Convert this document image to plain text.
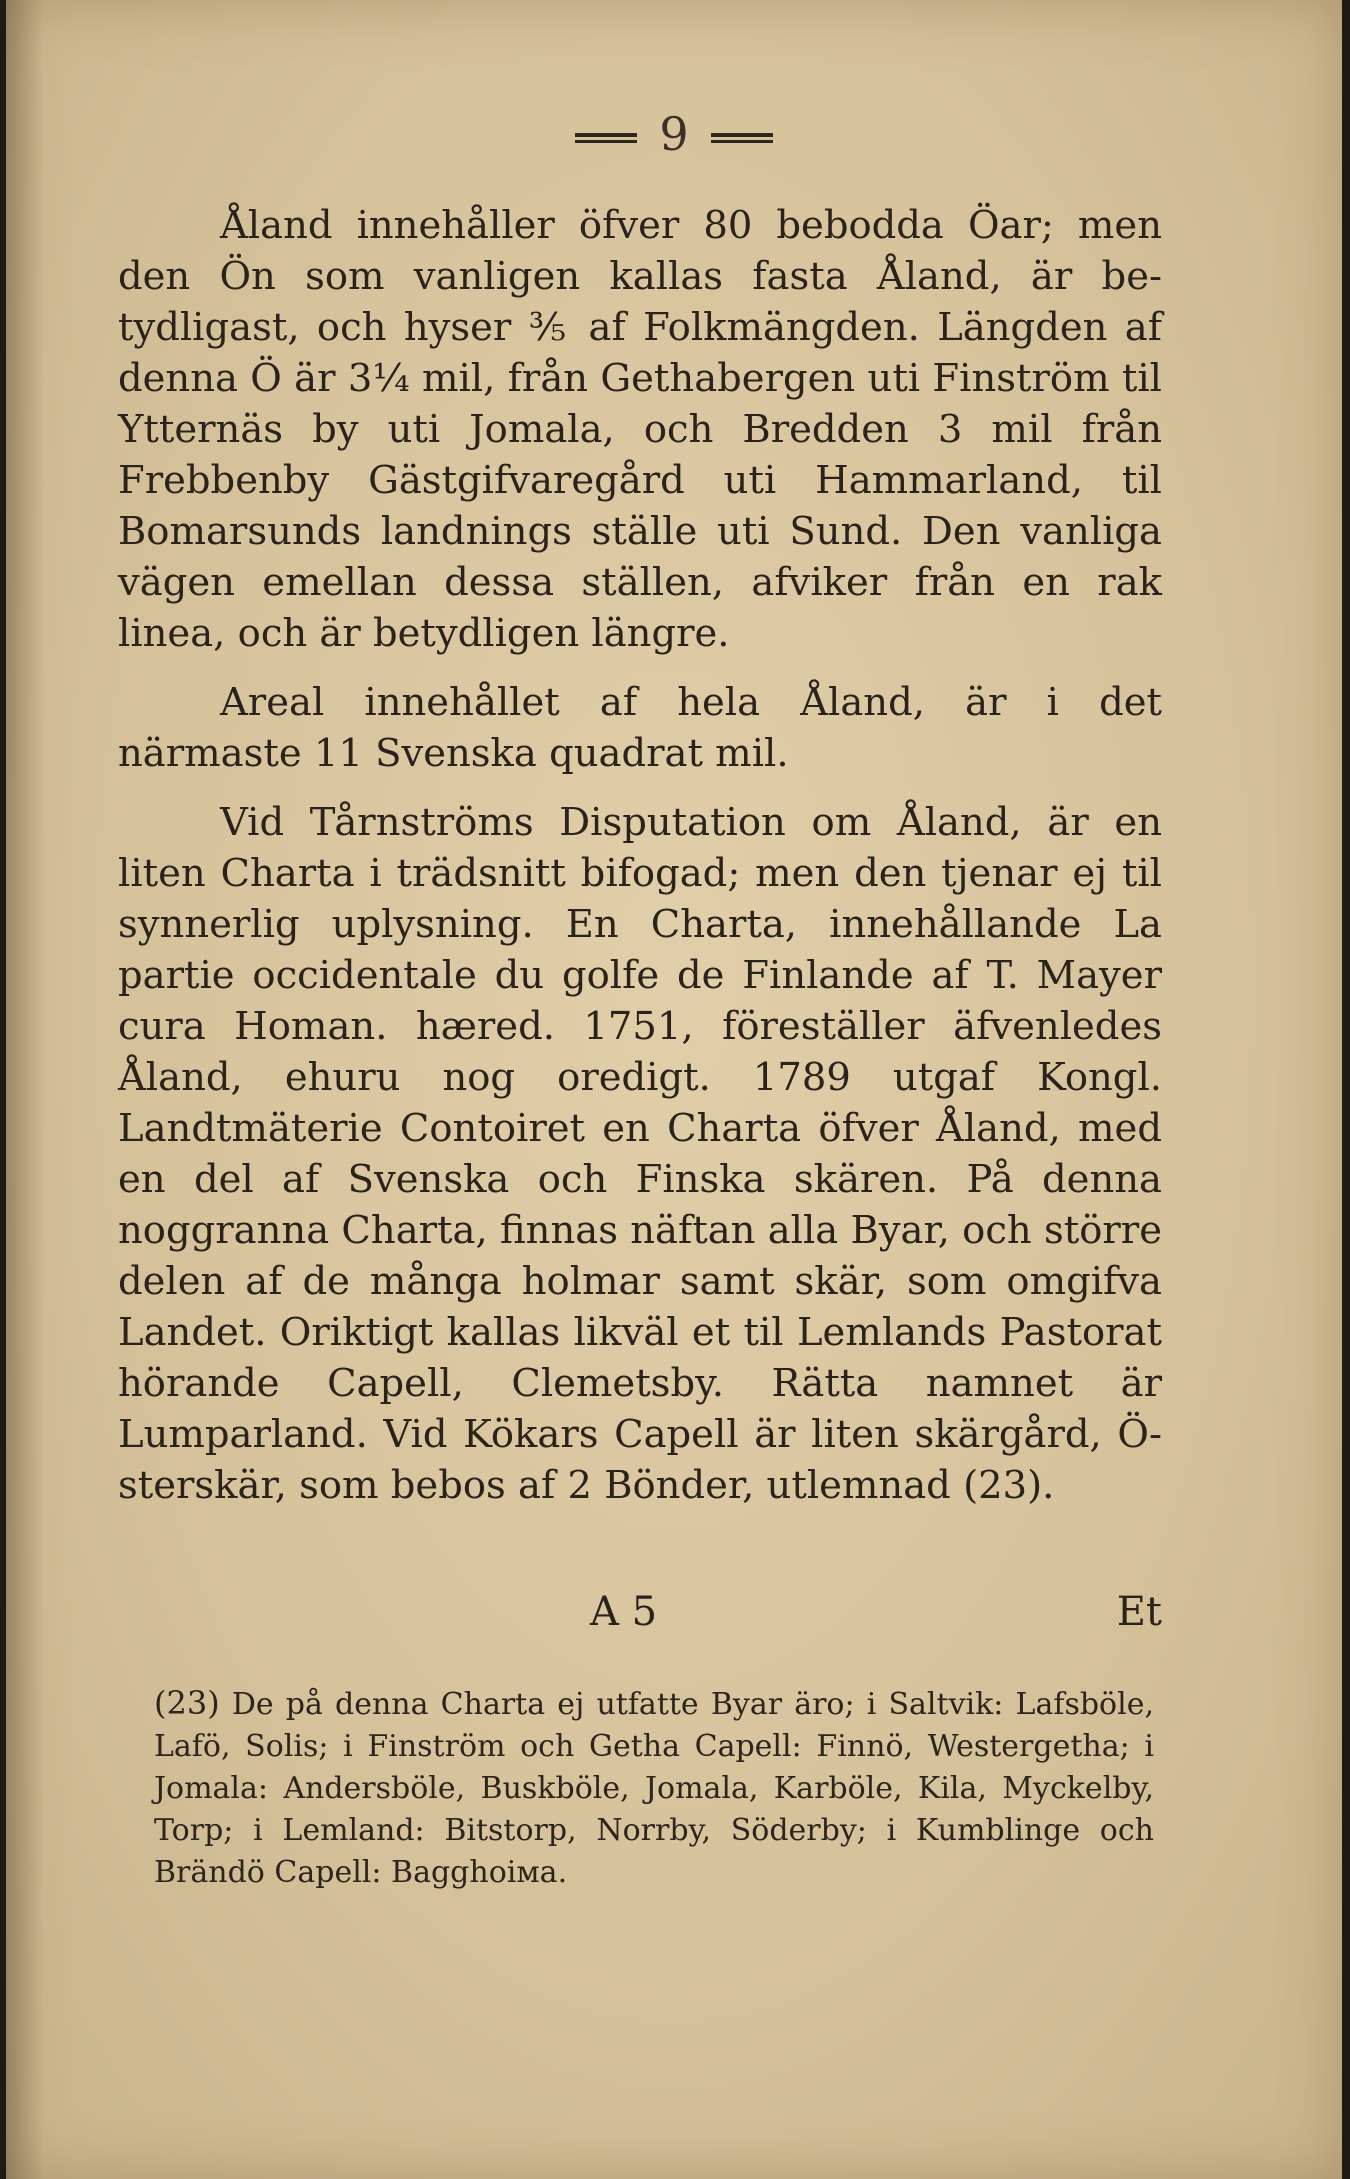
9

Åland innehåller öfver 80 bebodda Öar; men den Ön som vanligen kallas fasta Åland, är betydligast, och hyser ⅗ af Folkmängden. Längden af denna Ö är 3¼ mil, från Gethabergen uti Finström til Ytternäs by uti Jomala, och Bredden 3 mil från Frebbenby Gästgifvaregård uti Hammarland, til Bomarsunds landnings ställe uti Sund. Den vanliga vägen emellan dessa ställen, afviker från en rak linea, och är betydligen längre.

Areal innehållet af hela Åland, är i det närmaste 11 Svenska quadrat mil.

Vid Tårnströms Disputation om Åland, är en liten Charta i trädsnitt bifogad; men den tjenar ej til synnerlig uplysning. En Charta, innehållande La partie occidentale du golfe de Finlande af T. Mayer cura Homan. hæred. 1751, föreställer äfvenledes Åland, ehuru nog oredigt. 1789 utgaf Kongl. Landtmäterie Contoiret en Charta öfver Åland, med en del af Svenska och Finska skären. På denna noggranna Charta, finnas näftan alla Byar, och större delen af de många holmar samt skär, som omgifva Landet. Oriktigt kallas likväl et til Lemlands Pastorat hörande Capell, Clemetsby. Rätta namnet är Lumparland. Vid Kökars Capell är liten skärgård, Österskär, som bebos af 2 Bönder, utlemnad (23).

A 5	Et
(23) De på denna Charta ej utfatte Byar äro; i Saltvik: Lafsböle, Lafö, Solis; i Finström och Getha Capell: Finnö, Westergetha; i Jomala: Andersböle, Buskböle, Jomala, Karböle, Kila, Myckelby, Torp; i Lemland: Bitstorp, Norrby, Söderby; i Kumblinge och Brändö Capell: Bagghoiма.
